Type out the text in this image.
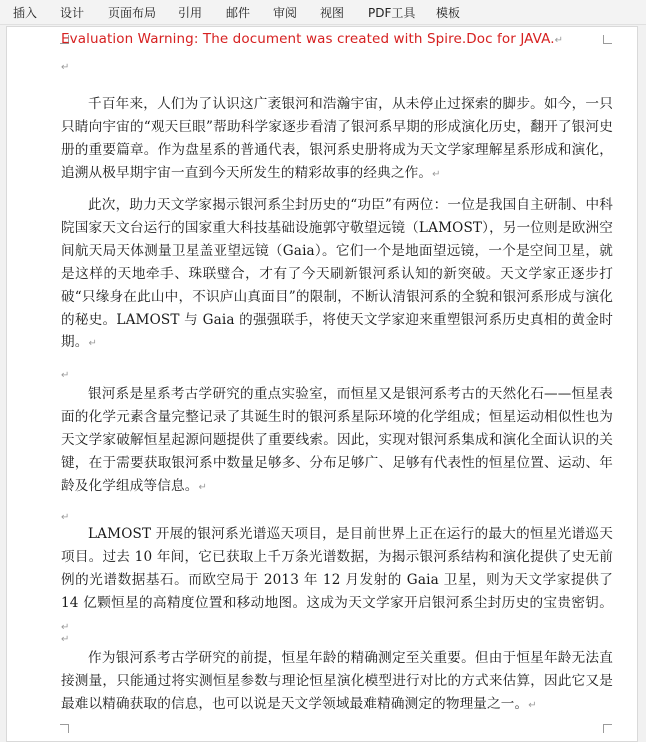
插入 设计 页面布局 引用 邮件 审阅 视图 PDF工具 模板
Evaluation Warning: The document was created with Spire.Doc for JAVA.↵
↵
千百年来，人们为了认识这广袤银河和浩瀚宇宙，从未停止过探索的脚步。如今，一只只睛向宇宙的“观天巨眼”帮助科学家逐步看清了银河系早期的形成演化历史，翻开了银河史册的重要篇章。作为盘星系的普通代表，银河系史册将成为天文学家理解星系形成和演化，追溯从极早期宇宙一直到今天所发生的精彩故事的经典之作。↵
此次，助力天文学家揭示银河系尘封历史的“功臣”有两位：一位是我国自主研制、中科院国家天文台运行的国家重大科技基础设施郭守敬望远镜（LAMOST），另一位则是欧洲空间航天局天体测量卫星盖亚望远镜（Gaia）。它们一个是地面望远镜，一个是空间卫星，就是这样的天地牵手、珠联璧合，才有了今天刷新银河系认知的新突破。天文学家正逐步打破“只缘身在此山中，不识庐山真面目”的限制，不断认清银河系的全貌和银河系形成与演化的秘史。LAMOST 与 Gaia 的强强联手，将使天文学家迎来重塑银河系历史真相的黄金时期。↵
↵
银河系是星系考古学研究的重点实验室，而恒星又是银河系考古的天然化石——恒星表面的化学元素含量完整记录了其诞生时的银河系星际环境的化学组成；恒星运动相似性也为天文学家破解恒星起源问题提供了重要线索。因此，实现对银河系集成和演化全面认识的关键，在于需要获取银河系中数量足够多、分布足够广、足够有代表性的恒星位置、运动、年龄及化学组成等信息。↵
↵
LAMOST 开展的银河系光谱巡天项目，是目前世界上正在运行的最大的恒星光谱巡天项目。过去 10 年间，它已获取上千万条光谱数据，为揭示银河系结构和演化提供了史无前例的光谱数据基石。而欧空局于 2013 年 12 月发射的 Gaia 卫星，则为天文学家提供了 14 亿颗恒星的高精度位置和移动地图。这成为天文学家开启银河系尘封历史的宝贵密钥。↵
↵
作为银河系考古学研究的前提，恒星年龄的精确测定至关重要。但由于恒星年龄无法直接测量，只能通过将实测恒星参数与理论恒星演化模型进行对比的方式来估算，因此它又是最难以精确获取的信息，也可以说是天文学领域最难精确测定的物理量之一。↵
